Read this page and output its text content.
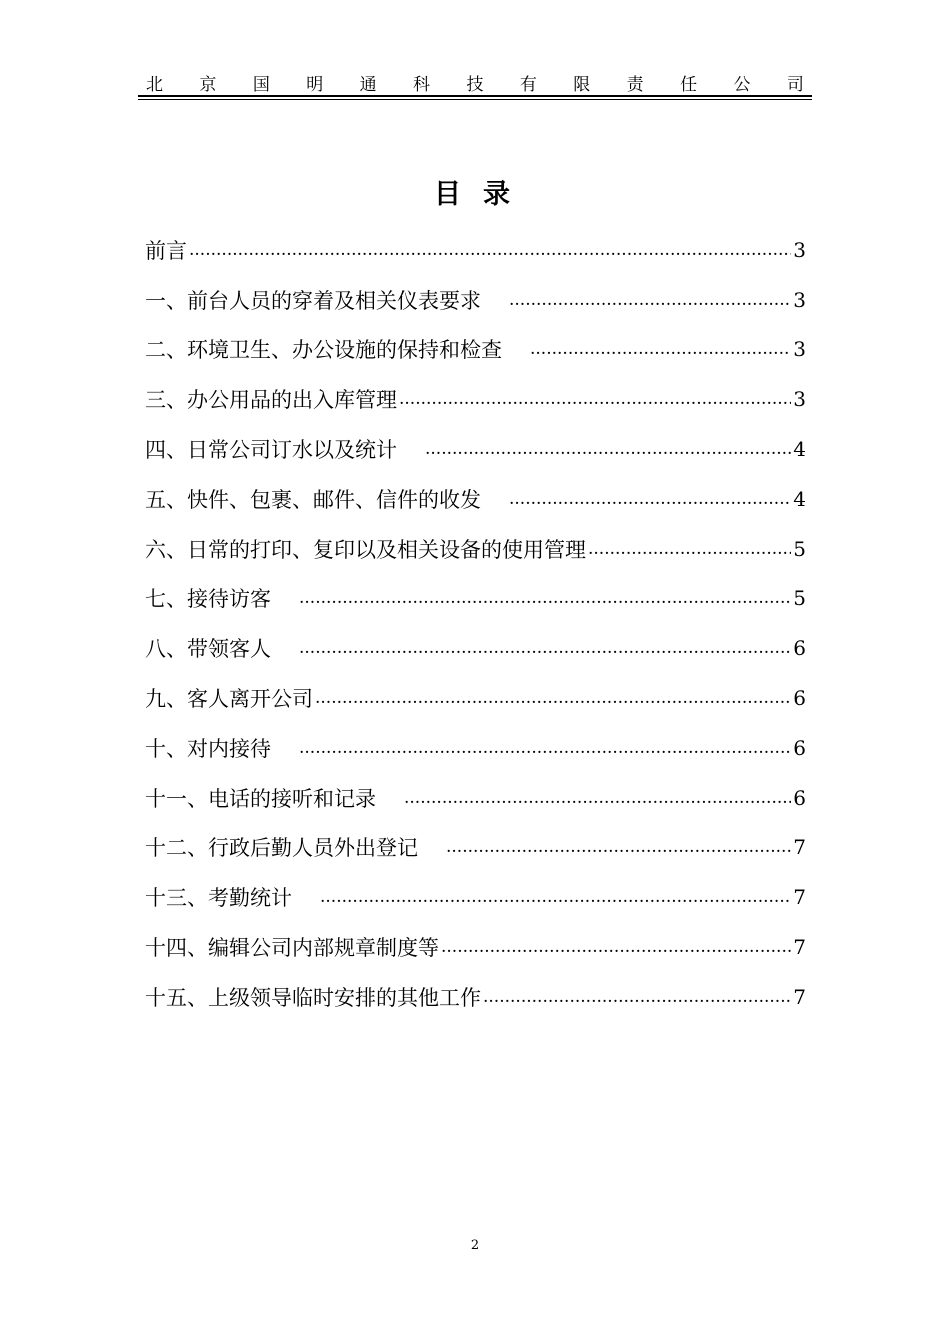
北 京 国 明 通 科 技 有 限 责 任 公 司
目录
前言 .....	3
一、前台人员的穿着及相关仪表要求 .....	3
二、环境卫生、办公设施的保持和检查 .....	3
三、办公用品的出入库管理 .....	3
四、日常公司订水以及统计 .....	4
五、快件、包裹、邮件、信件的收发 .....	4
六、日常的打印、复印以及相关设备的使用管理 .....	5
七、接待访客 .....	5
八、带领客人 .....	6
九、客人离开公司 .....	6
十、对内接待 .....	6
十一、电话的接听和记录 .....	6
十二、行政后勤人员外出登记 .....	7
十三、考勤统计 .....	7
十四、编辑公司内部规章制度等 .....	7
十五、上级领导临时安排的其他工作 .....	7
2
